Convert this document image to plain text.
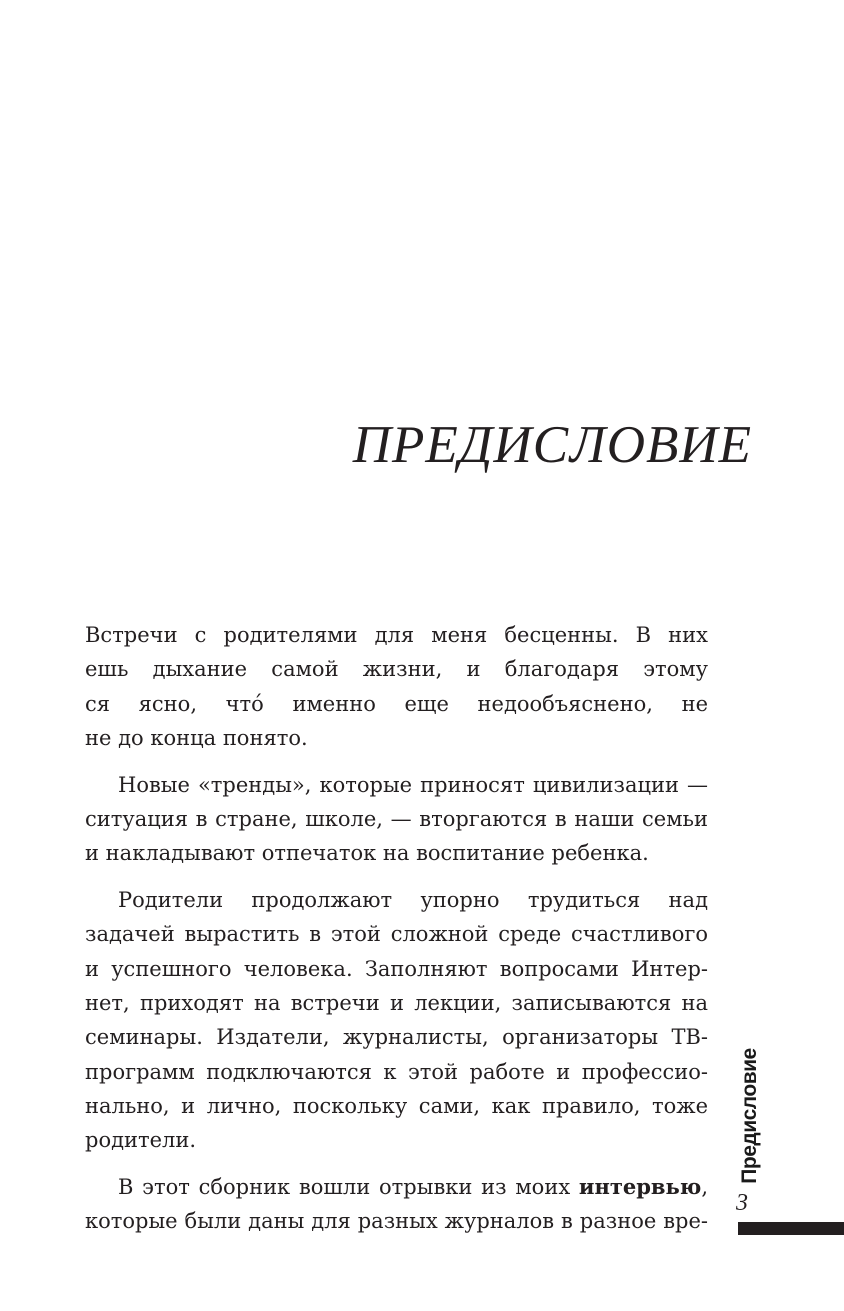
ПРЕДИСЛОВИЕ
Встречи с родителями для меня бесценны. В них
ешь дыхание самой жизни, и благодаря этому
ся ясно, что́ именно еще недообъяснено, не
не до конца понято.
Новые «тренды», которые приносят цивилизации —
ситуация в стране, школе, — вторгаются в наши семьи
и накладывают отпечаток на воспитание ребенка.
Родители продолжают упорно трудиться над
задачей вырастить в этой сложной среде счастливого
и успешного человека. Заполняют вопросами Интер-
нет, приходят на встречи и лекции, записываются на
семинары. Издатели, журналисты, организаторы ТВ-
программ подключаются к этой работе и профессио-
нально, и лично, поскольку сами, как правило, тоже
родители.
В этот сборник вошли отрывки из моих интервью,
которые были даны для разных журналов в разное вре-
Предисловие
3
